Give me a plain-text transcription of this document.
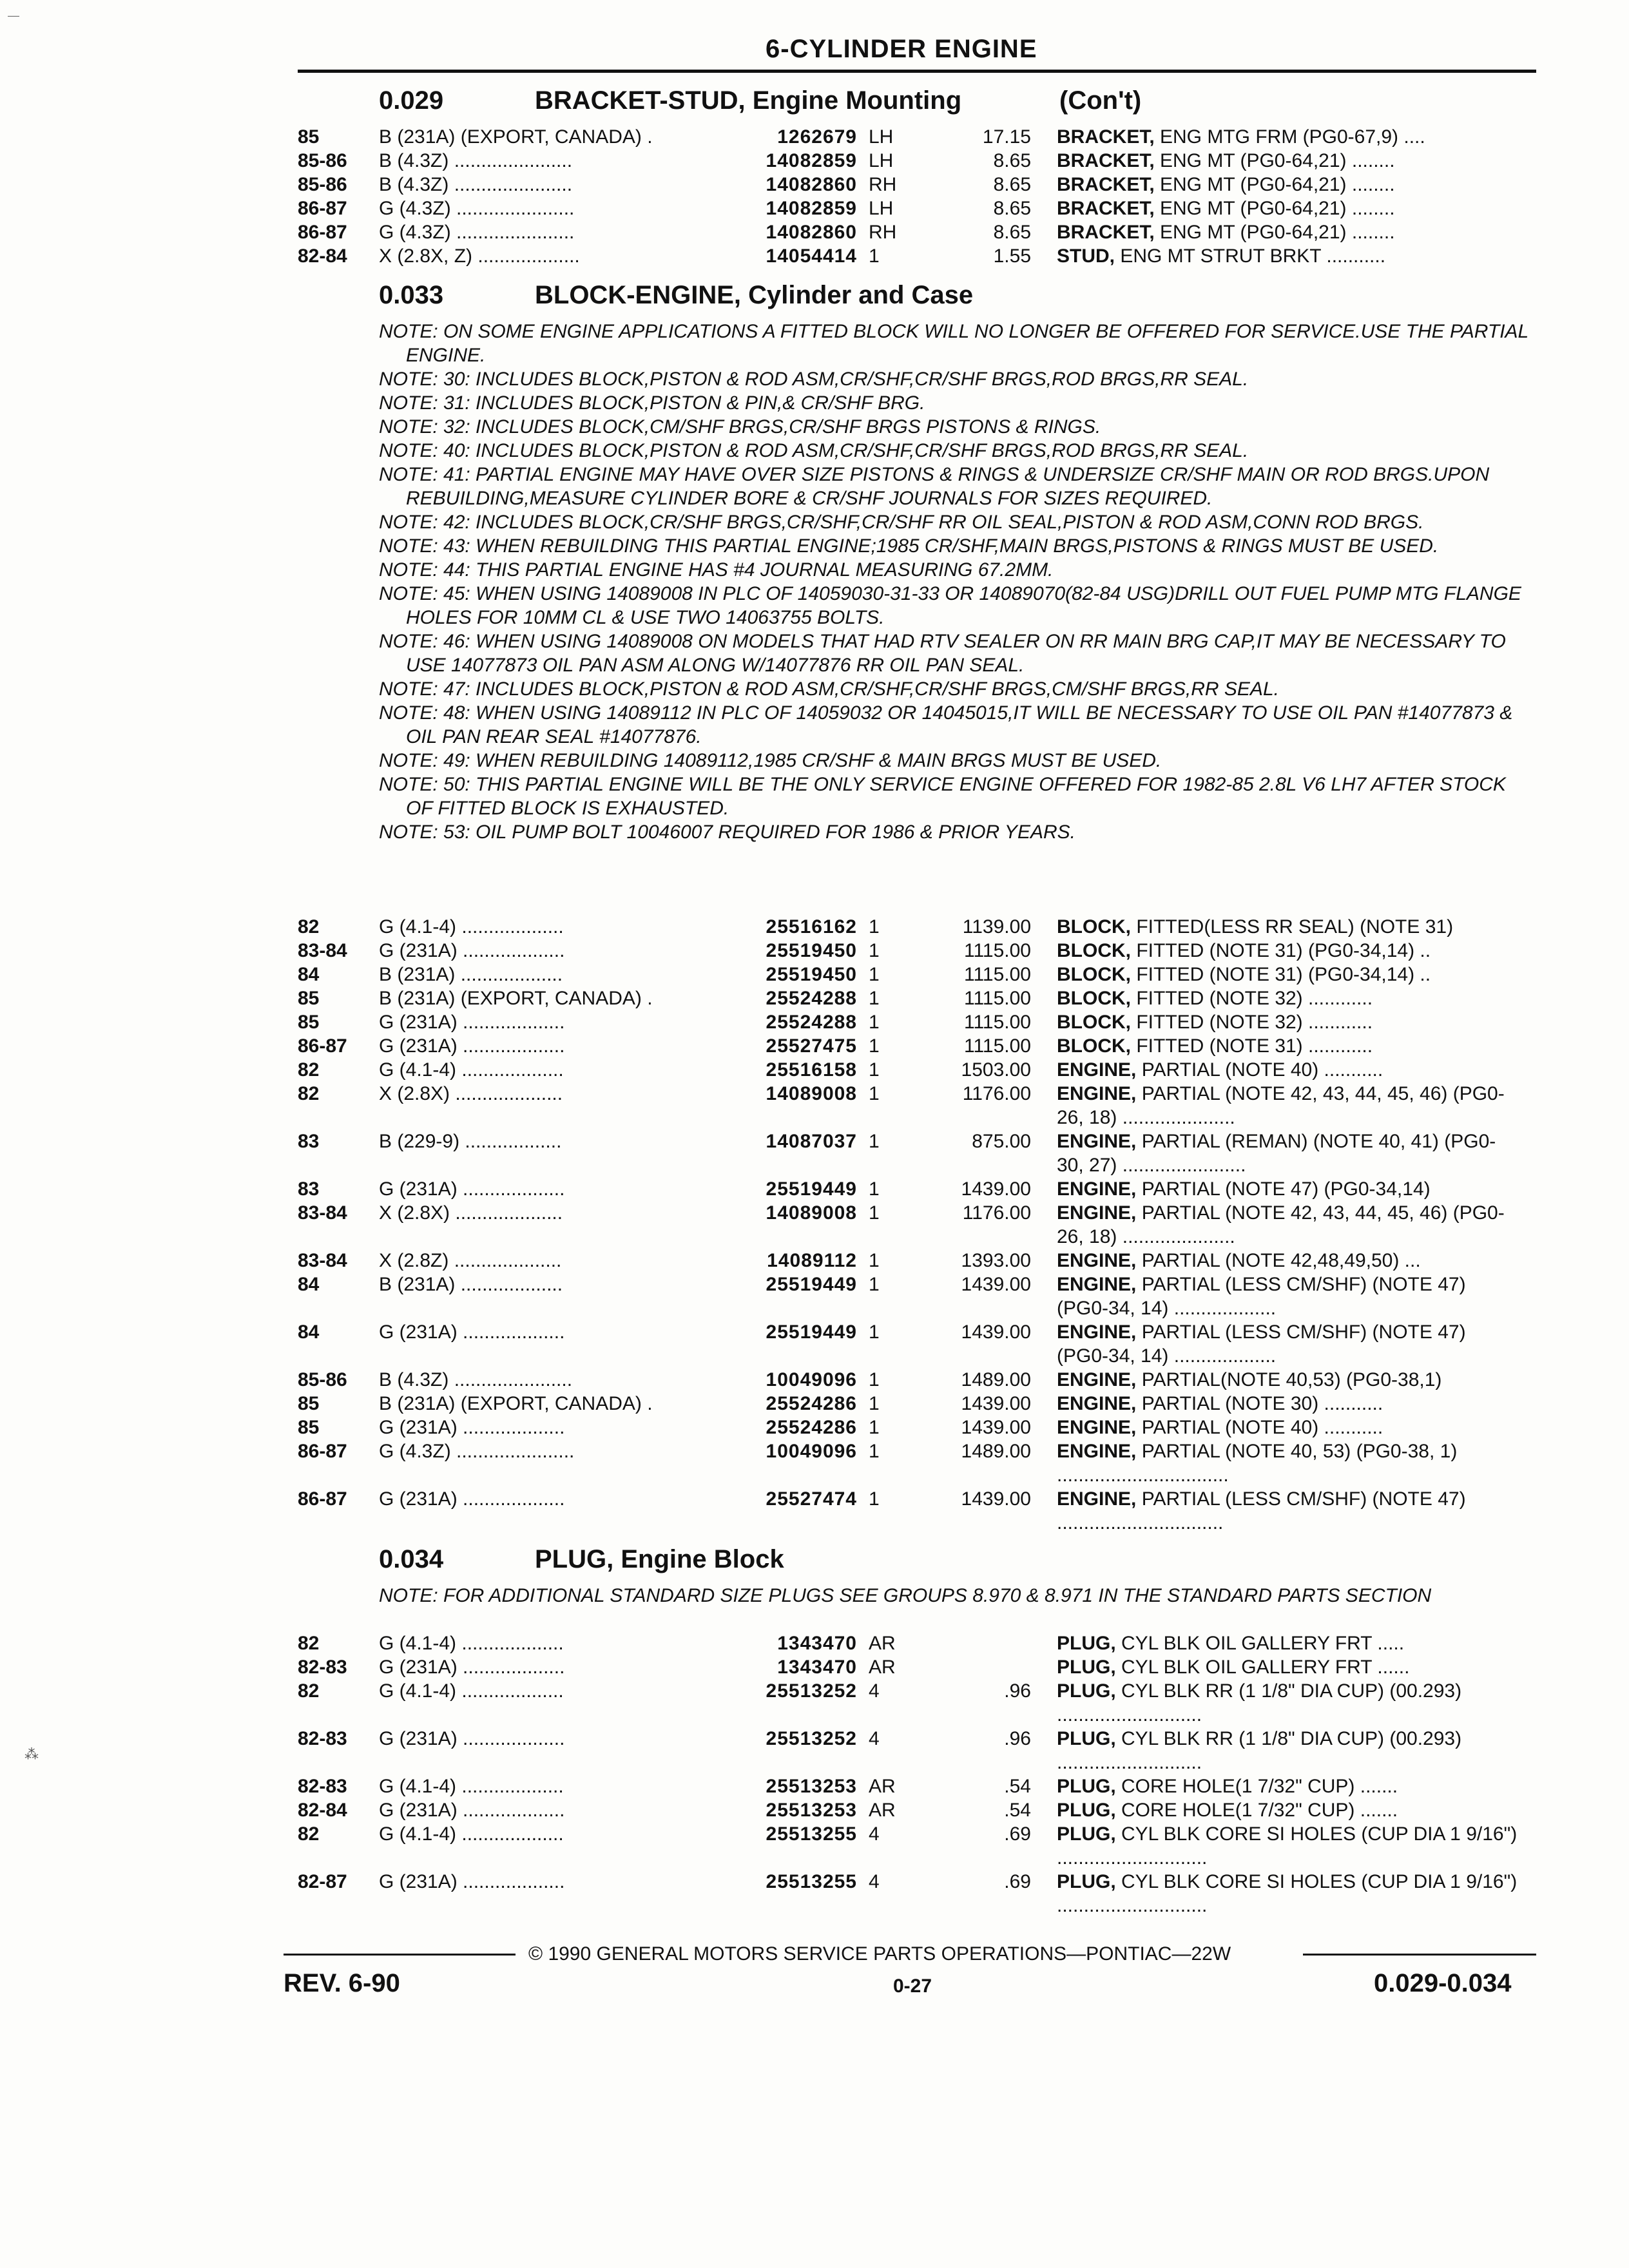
—
6-CYLINDER ENGINE
0.029	BRACKET-STUD, Engine Mounting	(Con't)
85	B (231A) (EXPORT, CANADA) .	1262679 LH	17.15 BRACKET, ENG MTG FRM (PG0-67,9) ....
85-86 B (4.3Z) ......................	14082859 LH	8.65 BRACKET, ENG MT (PG0-64,21) ........
85-86 B (4.3Z) ......................	14082860 RH	8.65 BRACKET, ENG MT (PG0-64,21) ........
86-87 G (4.3Z) ......................	14082859 LH	8.65 BRACKET, ENG MT (PG0-64,21) ........
86-87 G (4.3Z) ......................	14082860 RH	8.65 BRACKET, ENG MT (PG0-64,21) ........
82-84 X (2.8X, Z) ...................	14054414 1	1.55 STUD, ENG MT STRUT BRKT ...........
0.033	BLOCK-ENGINE, Cylinder and Case
NOTE: ON SOME ENGINE APPLICATIONS A FITTED BLOCK WILL NO LONGER BE OFFERED FOR SERVICE.USE THE PARTIAL ENGINE.
NOTE: 30: INCLUDES BLOCK,PISTON & ROD ASM,CR/SHF,CR/SHF BRGS,ROD BRGS,RR SEAL.
NOTE: 31: INCLUDES BLOCK,PISTON & PIN,& CR/SHF BRG.
NOTE: 32: INCLUDES BLOCK,CM/SHF BRGS,CR/SHF BRGS PISTONS & RINGS.
NOTE: 40: INCLUDES BLOCK,PISTON & ROD ASM,CR/SHF,CR/SHF BRGS,ROD BRGS,RR SEAL.
NOTE: 41: PARTIAL ENGINE MAY HAVE OVER SIZE PISTONS & RINGS & UNDERSIZE CR/SHF MAIN OR ROD BRGS.UPON REBUILDING,MEASURE CYLINDER BORE & CR/SHF JOURNALS FOR SIZES REQUIRED.
NOTE: 42: INCLUDES BLOCK,CR/SHF BRGS,CR/SHF,CR/SHF RR OIL SEAL,PISTON & ROD ASM,CONN ROD BRGS.
NOTE: 43: WHEN REBUILDING THIS PARTIAL ENGINE;1985 CR/SHF,MAIN BRGS,PISTONS & RINGS MUST BE USED.
NOTE: 44: THIS PARTIAL ENGINE HAS #4 JOURNAL MEASURING 67.2MM.
NOTE: 45: WHEN USING 14089008 IN PLC OF 14059030-31-33 OR 14089070(82-84 USG)DRILL OUT FUEL PUMP MTG FLANGE HOLES FOR 10MM CL & USE TWO 14063755 BOLTS.
NOTE: 46: WHEN USING 14089008 ON MODELS THAT HAD RTV SEALER ON RR MAIN BRG CAP,IT MAY BE NECESSARY TO USE 14077873 OIL PAN ASM ALONG W/14077876 RR OIL PAN SEAL.
NOTE: 47: INCLUDES BLOCK,PISTON & ROD ASM,CR/SHF,CR/SHF BRGS,CM/SHF BRGS,RR SEAL.
NOTE: 48: WHEN USING 14089112 IN PLC OF 14059032 OR 14045015,IT WILL BE NECESSARY TO USE OIL PAN #14077873 & OIL PAN REAR SEAL #14077876.
NOTE: 49: WHEN REBUILDING 14089112,1985 CR/SHF & MAIN BRGS MUST BE USED.
NOTE: 50: THIS PARTIAL ENGINE WILL BE THE ONLY SERVICE ENGINE OFFERED FOR 1982-85 2.8L V6 LH7 AFTER STOCK OF FITTED BLOCK IS EXHAUSTED.
NOTE: 53: OIL PUMP BOLT 10046007 REQUIRED FOR 1986 & PRIOR YEARS.
82	G (4.1-4) ...................	25516162 1	1139.00 BLOCK, FITTED(LESS RR SEAL) (NOTE 31)
83-84 G (231A) ...................	25519450 1	1115.00 BLOCK, FITTED (NOTE 31) (PG0-34,14) ..
84	B (231A) ...................	25519450 1	1115.00 BLOCK, FITTED (NOTE 31) (PG0-34,14) ..
85	B (231A) (EXPORT, CANADA) .	25524288 1	1115.00 BLOCK, FITTED (NOTE 32) ............
85	G (231A) ...................	25524288 1	1115.00 BLOCK, FITTED (NOTE 32) ............
86-87 G (231A) ...................	25527475 1	1115.00 BLOCK, FITTED (NOTE 31) ............
82	G (4.1-4) ...................	25516158 1	1503.00 ENGINE, PARTIAL (NOTE 40) ...........
82	X (2.8X) ....................	14089008 1	1176.00 ENGINE, PARTIAL (NOTE 42, 43, 44, 45, 46) (PG0-26, 18) .....................
83	B (229-9) ..................	14087037 1	875.00 ENGINE, PARTIAL (REMAN) (NOTE 40, 41) (PG0-30, 27) .......................
83	G (231A) ...................	25519449 1	1439.00 ENGINE, PARTIAL (NOTE 47) (PG0-34,14)
83-84 X (2.8X) ....................	14089008 1	1176.00 ENGINE, PARTIAL (NOTE 42, 43, 44, 45, 46) (PG0-26, 18) .....................
83-84 X (2.8Z) ....................	14089112 1	1393.00 ENGINE, PARTIAL (NOTE 42,48,49,50) ...
84	B (231A) ...................	25519449 1	1439.00 ENGINE, PARTIAL (LESS CM/SHF) (NOTE 47) (PG0-34, 14) ...................
84	G (231A) ...................	25519449 1	1439.00 ENGINE, PARTIAL (LESS CM/SHF) (NOTE 47) (PG0-34, 14) ...................
85-86 B (4.3Z) ......................	10049096 1	1489.00 ENGINE, PARTIAL(NOTE 40,53) (PG0-38,1)
85	B (231A) (EXPORT, CANADA) .	25524286 1	1439.00 ENGINE, PARTIAL (NOTE 30) ...........
85	G (231A) ...................	25524286 1	1439.00 ENGINE, PARTIAL (NOTE 40) ...........
86-87 G (4.3Z) ......................	10049096 1	1489.00 ENGINE, PARTIAL (NOTE 40, 53) (PG0-38, 1) ................................
86-87 G (231A) ...................	25527474 1	1439.00 ENGINE, PARTIAL (LESS CM/SHF) (NOTE 47) ...............................
0.034	PLUG, Engine Block
NOTE: FOR ADDITIONAL STANDARD SIZE PLUGS SEE GROUPS 8.970 & 8.971 IN THE STANDARD PARTS SECTION
82	G (4.1-4) ...................	1343470 AR	PLUG, CYL BLK OIL GALLERY FRT .....
82-83 G (231A) ...................	1343470 AR	PLUG, CYL BLK OIL GALLERY FRT ......
82	G (4.1-4) ...................	25513252 4	.96 PLUG, CYL BLK RR (1 1/8" DIA CUP) (00.293) ...........................
82-83 G (231A) ...................	25513252 4	.96 PLUG, CYL BLK RR (1 1/8" DIA CUP) (00.293) ...........................
82-83 G (4.1-4) ...................	25513253 AR	.54 PLUG, CORE HOLE(1 7/32" CUP) .......
82-84 G (231A) ...................	25513253 AR	.54 PLUG, CORE HOLE(1 7/32" CUP) .......
82	G (4.1-4) ...................	25513255 4	.69 PLUG, CYL BLK CORE SI HOLES (CUP DIA 1 9/16") ............................
82-87 G (231A) ...................	25513255 4	.69 PLUG, CYL BLK CORE SI HOLES (CUP DIA 1 9/16") ............................
© 1990 GENERAL MOTORS SERVICE PARTS OPERATIONS—PONTIAC—22W
REV. 6-90	0-27	0.029-0.034
⁂
